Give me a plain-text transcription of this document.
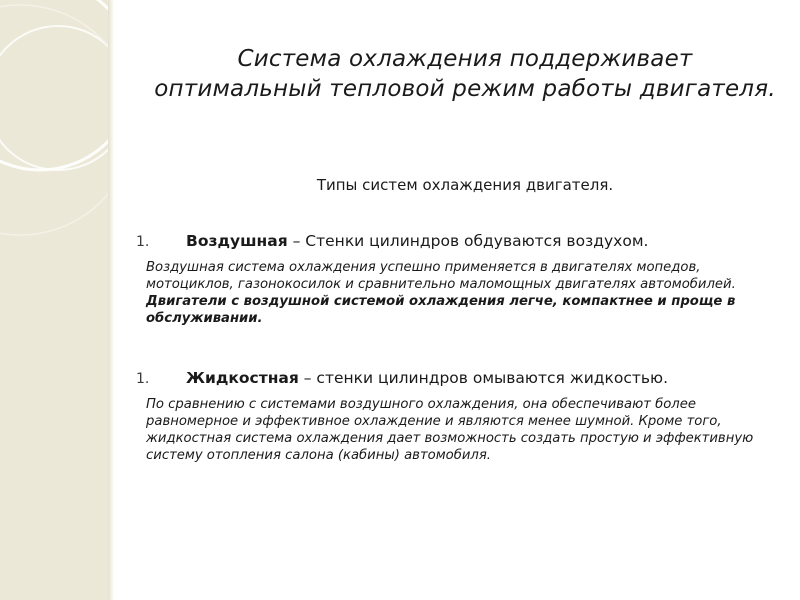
Система охлаждения поддерживает оптимальный тепловой режим работы двигателя.
Типы систем охлаждения двигателя.
1. Воздушная – Стенки цилиндров обдуваются воздухом.
Воздушная система охлаждения успешно применяется в двигателях мопедов, мотоциклов, газонокосилок и сравнительно маломощных двигателях автомобилей. Двигатели с воздушной системой охлаждения легче, компактнее и проще в обслуживании.
1. Жидкостная – стенки цилиндров омываются жидкостью.
По сравнению с системами воздушного охлаждения, она обеспечивают более равномерное и эффективное охлаждение и являются менее шумной. Кроме того, жидкостная система охлаждения дает возможность создать простую и эффективную систему отопления салона (кабины) автомобиля.
